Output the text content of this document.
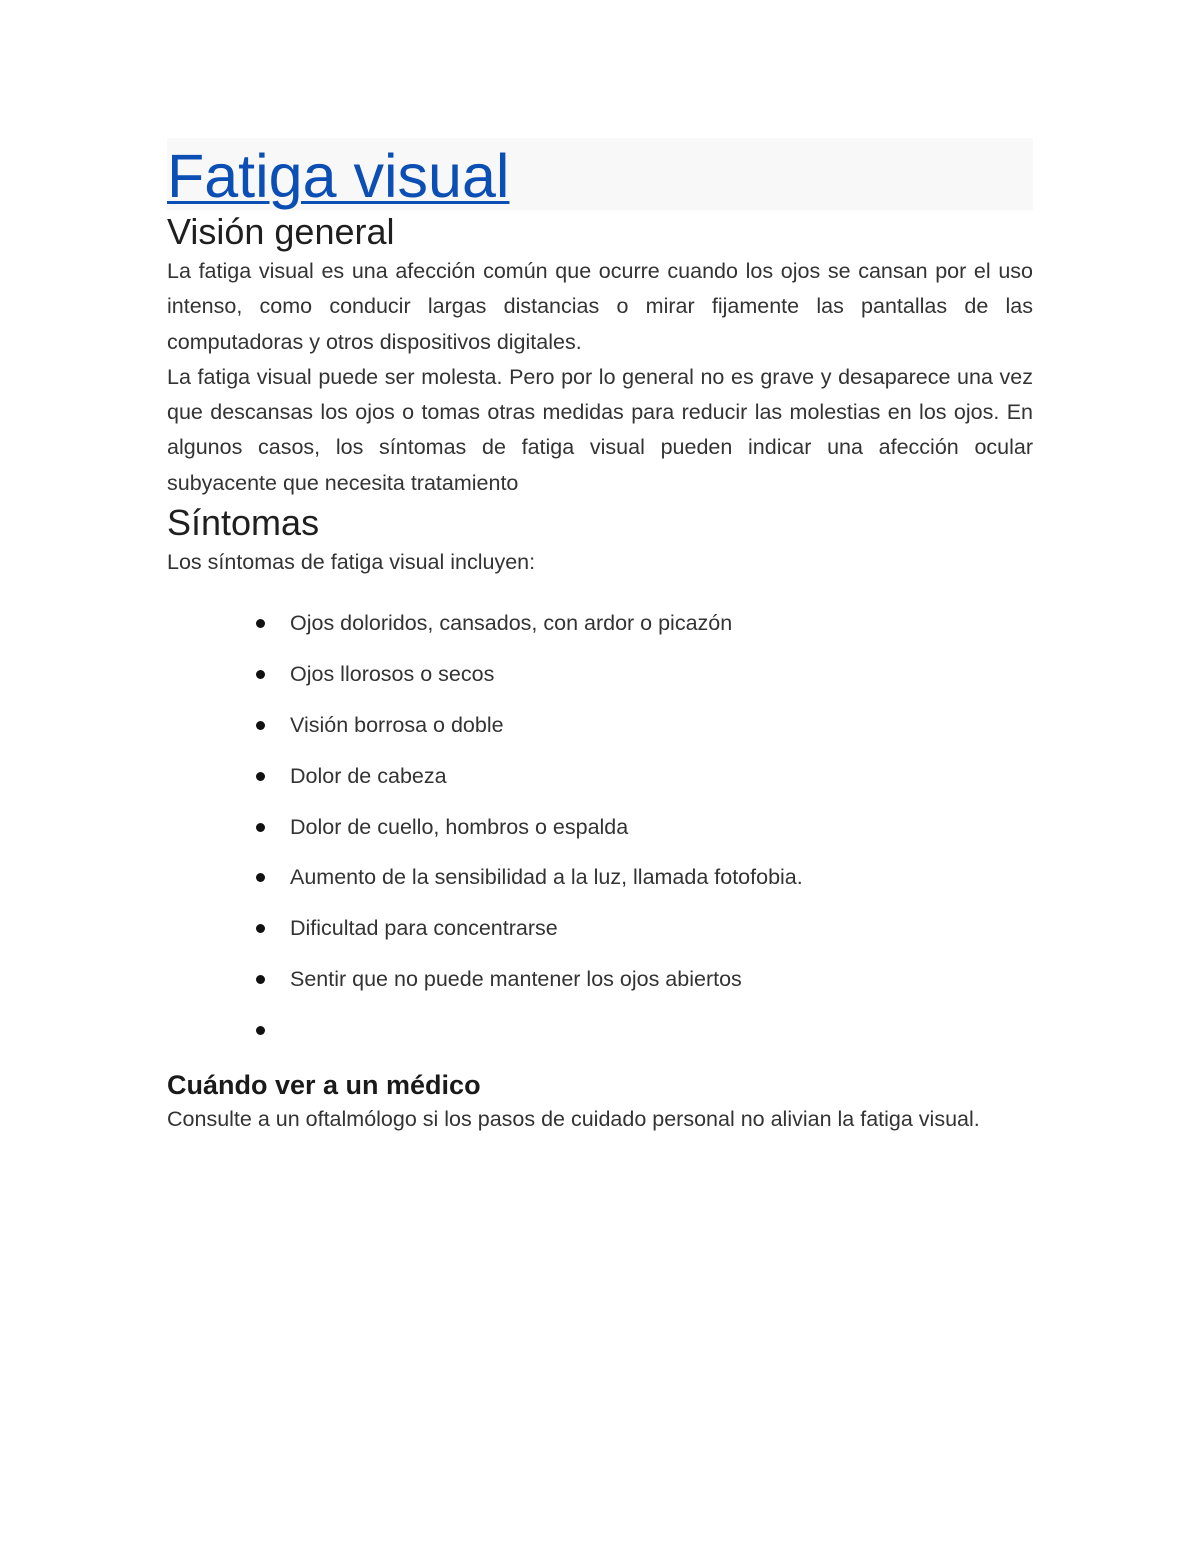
Fatiga visual
Visión general

La fatiga visual es una afección común que ocurre cuando los ojos se cansan por el uso intenso, como conducir largas distancias o mirar fijamente las pantallas de las computadoras y otros dispositivos digitales.

La fatiga visual puede ser molesta. Pero por lo general no es grave y desaparece una vez que descansas los ojos o tomas otras medidas para reducir las molestias en los ojos. En algunos casos, los síntomas de fatiga visual pueden indicar una afección ocular subyacente que necesita tratamiento

Síntomas

Los síntomas de fatiga visual incluyen:

Ojos doloridos, cansados, con ardor o picazón
Ojos llorosos o secos
Visión borrosa o doble
Dolor de cabeza
Dolor de cuello, hombros o espalda
Aumento de la sensibilidad a la luz, llamada fotofobia.
Dificultad para concentrarse
Sentir que no puede mantener los ojos abiertos
Cuándo ver a un médico

Consulte a un oftalmólogo si los pasos de cuidado personal no alivian la fatiga visual.
